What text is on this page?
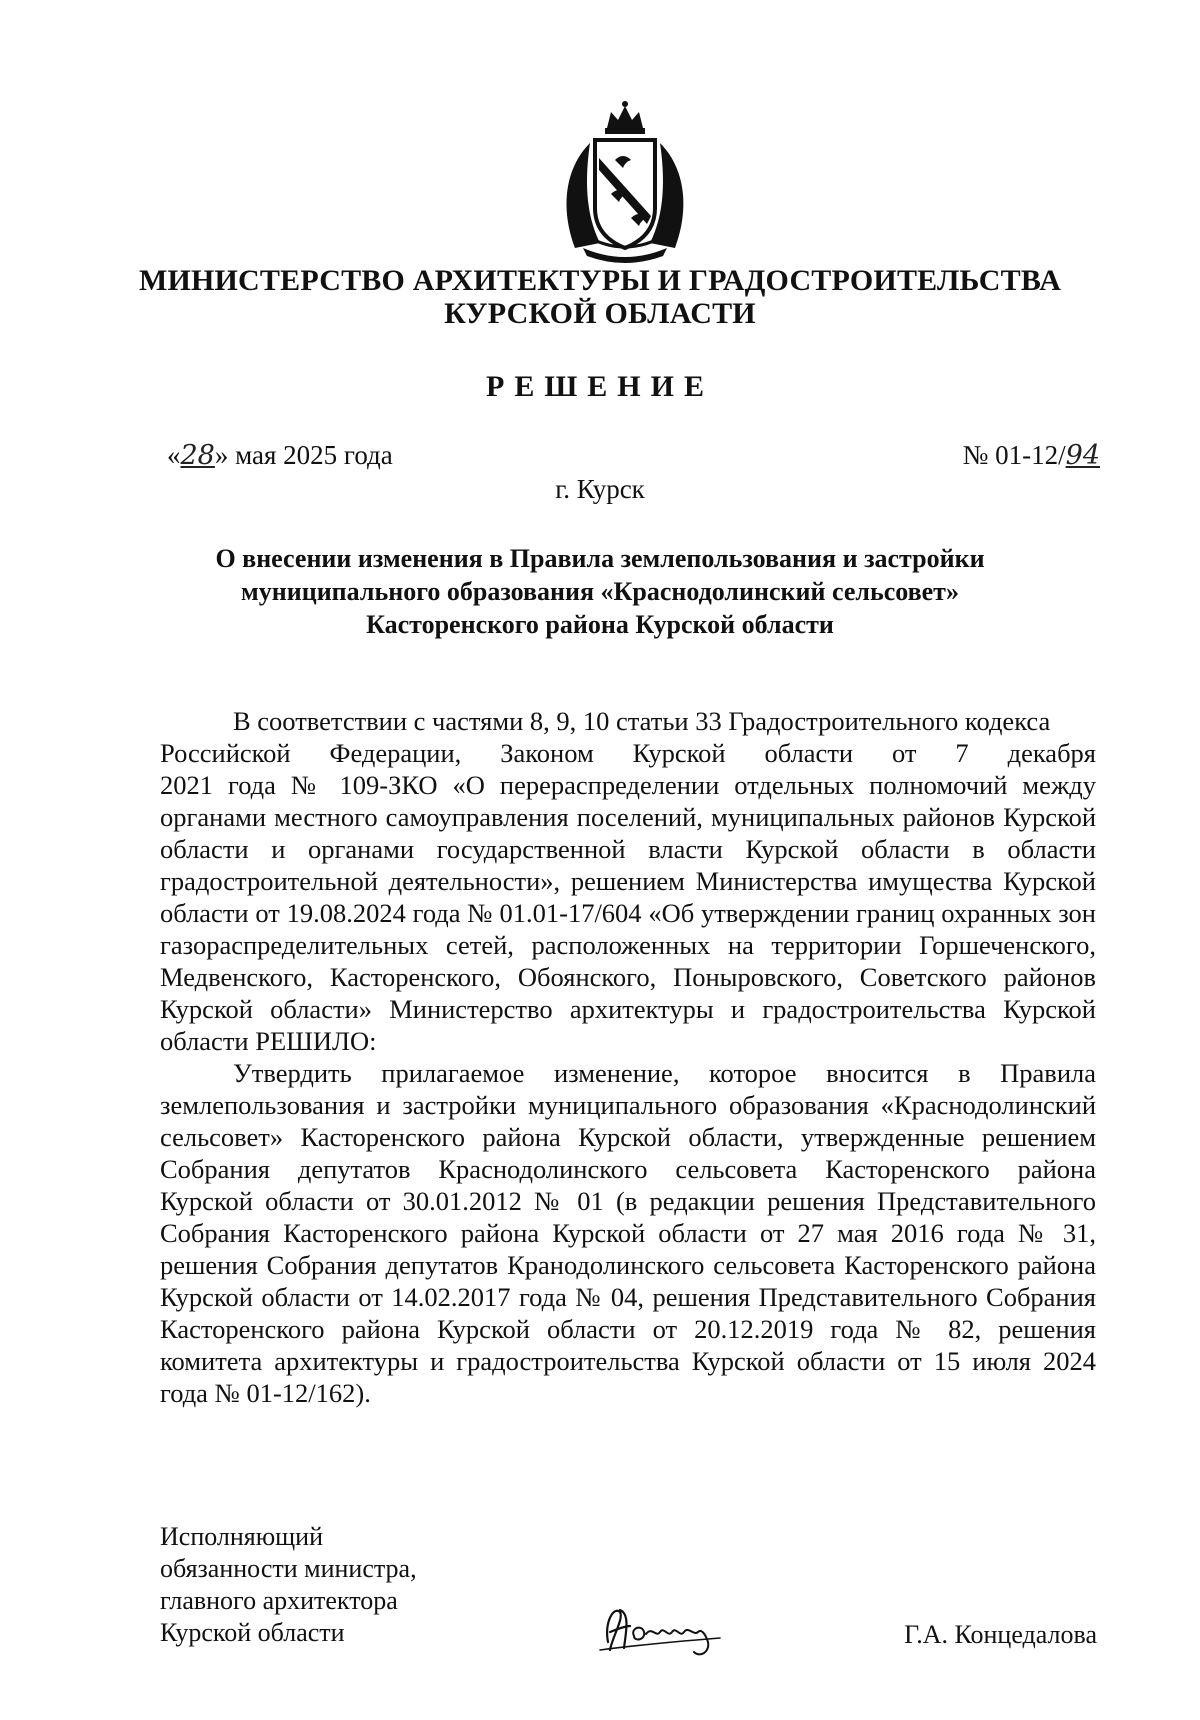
МИНИСТЕРСТВО АРХИТЕКТУРЫ И ГРАДОСТРОИТЕЛЬСТВА
КУРСКОЙ ОБЛАСТИ
РЕШЕНИЕ
«28» мая 2025 года	№ 01-12/94
г. Курск
О внесении изменения в Правила землепользования и застройки
муниципального образования «Краснодолинский сельсовет»
Касторенского района Курской области
В соответствии с частями 8, 9, 10 статьи 33 Градостроительного кодекса
Российской Федерации, Законом Курской области от 7 декабря
2021 года № 109-ЗКО «О перераспределении отдельных полномочий между
органами местного самоуправления поселений, муниципальных районов Курской
области и органами государственной власти Курской области в области
градостроительной деятельности», решением Министерства имущества Курской
области от 19.08.2024 года № 01.01-17/604 «Об утверждении границ охранных зон
газораспределительных сетей, расположенных на территории Горшеченского,
Медвенского, Касторенского, Обоянского, Поныровского, Советского районов
Курской области» Министерство архитектуры и градостроительства Курской
области РЕШИЛО:
Утвердить прилагаемое изменение, которое вносится в Правила
землепользования и застройки муниципального образования «Краснодолинский
сельсовет» Касторенского района Курской области, утвержденные решением
Собрания депутатов Краснодолинского сельсовета Касторенского района
Курской области от 30.01.2012 № 01 (в редакции решения Представительного
Собрания Касторенского района Курской области от 27 мая 2016 года № 31,
решения Собрания депутатов Кранодолинского сельсовета Касторенского района
Курской области от 14.02.2017 года № 04, решения Представительного Собрания
Касторенского района Курской области от 20.12.2019 года № 82, решения
комитета архитектуры и градостроительства Курской области от 15 июля 2024
года № 01-12/162).
Исполняющий
обязанности министра,
главного архитектора
Курской области	Г.А. Концедалова
